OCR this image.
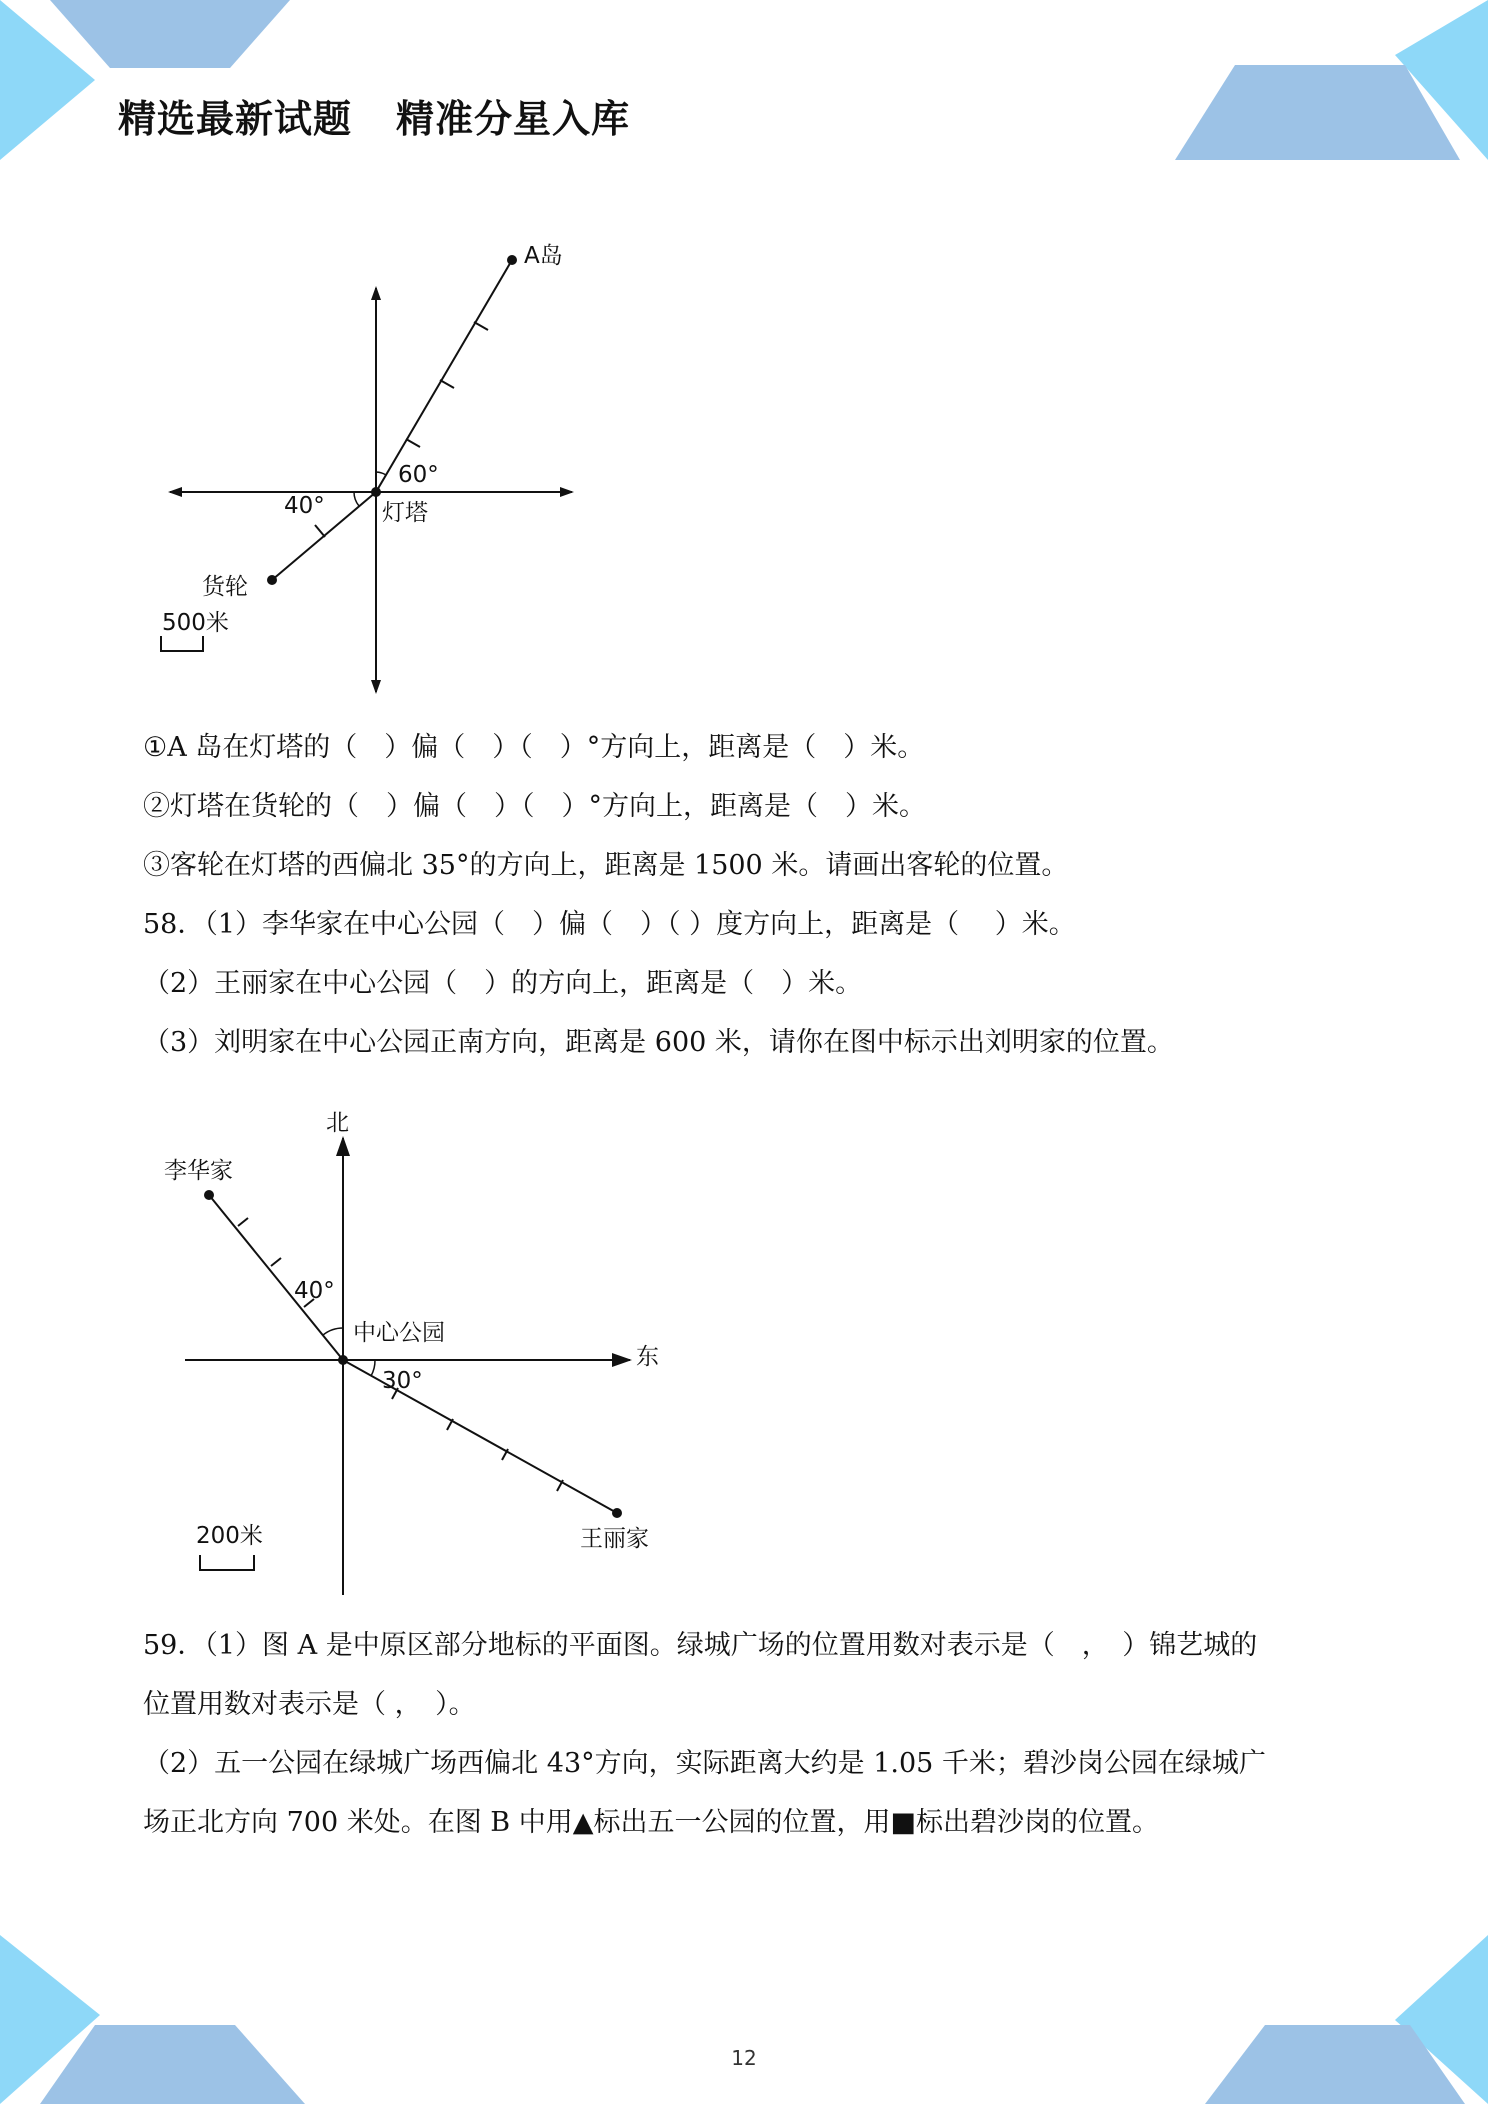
精选最新试题 精准分星入库
A岛
60°
40° 灯塔
货轮
500米
①A 岛在灯塔的（　）偏（　）（　）°方向上，距离是（　）米。
②灯塔在货轮的（　）偏（　）（　）°方向上，距离是（　）米。
③客轮在灯塔的西偏北 35°的方向上，距离是 1500 米。请画出客轮的位置。
58．（1）李华家在中心公园（　）偏（　）（ ）度方向上，距离是（　 ）米。
（2）王丽家在中心公园（　）的方向上，距离是（　）米。
（3）刘明家在中心公园正南方向，距离是 600 米，请你在图中标示出刘明家的位置。
北
东
李华家
40°
中心公园
30°
王丽家
200米
59．（1）图 A 是中原区部分地标的平面图。绿城广场的位置用数对表示是（　，　）锦艺城的
位置用数对表示是（ ，　）。
（2）五一公园在绿城广场西偏北 43°方向，实际距离大约是 1.05 千米；碧沙岗公园在绿城广
场正北方向 700 米处。在图 B 中用▲标出五一公园的位置，用■标出碧沙岗的位置。
12
